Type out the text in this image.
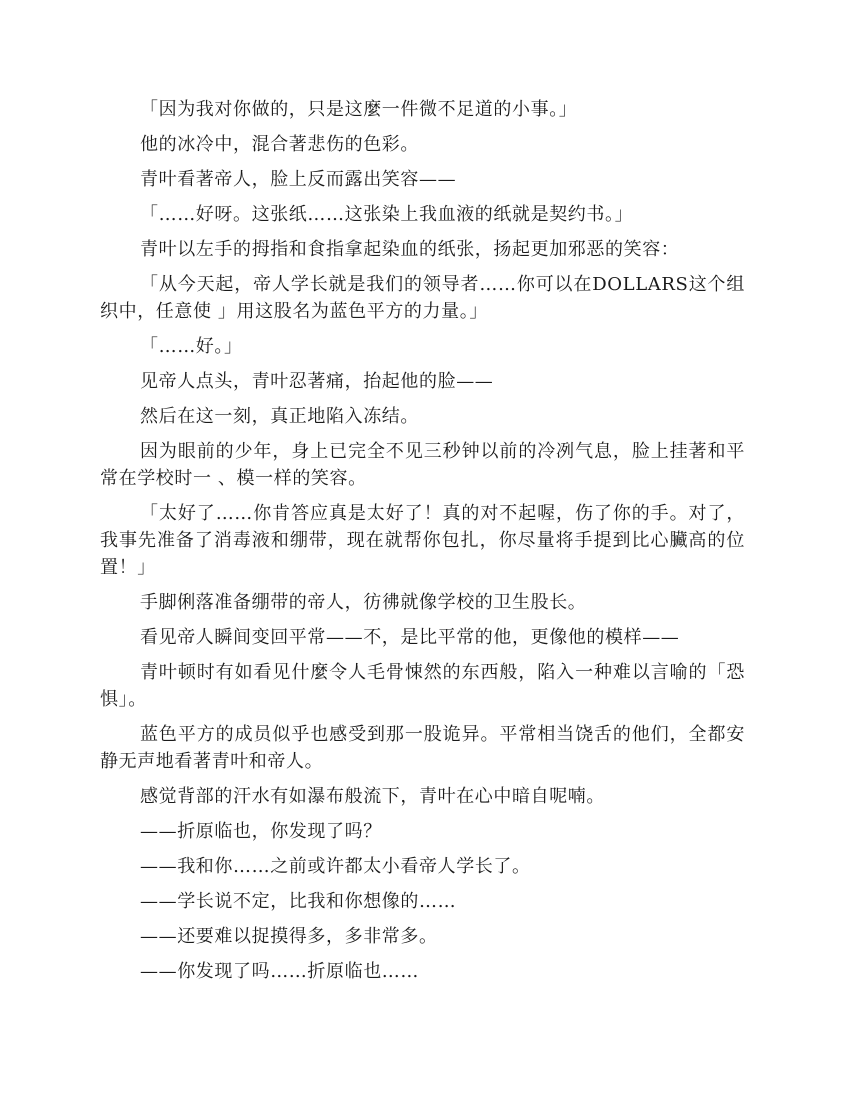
「因为我对你做的，只是这麼一件微不足道的小事。」

他的冰冷中，混合著悲伤的色彩。

青叶看著帝人，脸上反而露出笑容——

「……好呀。这张纸……这张染上我血液的纸就是契约书。」

青叶以左手的拇指和食指拿起染血的纸张，扬起更加邪恶的笑容：

「从今天起，帝人学长就是我们的领导者……你可以在DOLLARS这个组织中，任意使 」用这股名为蓝色平方的力量。」

「……好。」

见帝人点头，青叶忍著痛，抬起他的脸——

然后在这一刻，真正地陷入冻结。

因为眼前的少年，身上已完全不见三秒钟以前的冷冽气息，脸上挂著和平常在学校时一 、模一样的笑容。

「太好了……你肯答应真是太好了！真的对不起喔，伤了你的手。对了，我事先准备了消毒液和绷带，现在就帮你包扎，你尽量将手提到比心臟高的位置！」

手脚俐落准备绷带的帝人，彷彿就像学校的卫生股长。

看见帝人瞬间变回平常——不，是比平常的他，更像他的模样——

青叶顿时有如看见什麼令人毛骨悚然的东西般，陷入一种难以言喻的「恐惧」。

蓝色平方的成员似乎也感受到那一股诡异。平常相当饶舌的他们，全都安静无声地看著青叶和帝人。

感觉背部的汗水有如瀑布般流下，青叶在心中暗自呢喃。

——折原临也，你发现了吗？

——我和你……之前或许都太小看帝人学长了。

——学长说不定，比我和你想像的……

——还要难以捉摸得多，多非常多。

——你发现了吗……折原临也……
